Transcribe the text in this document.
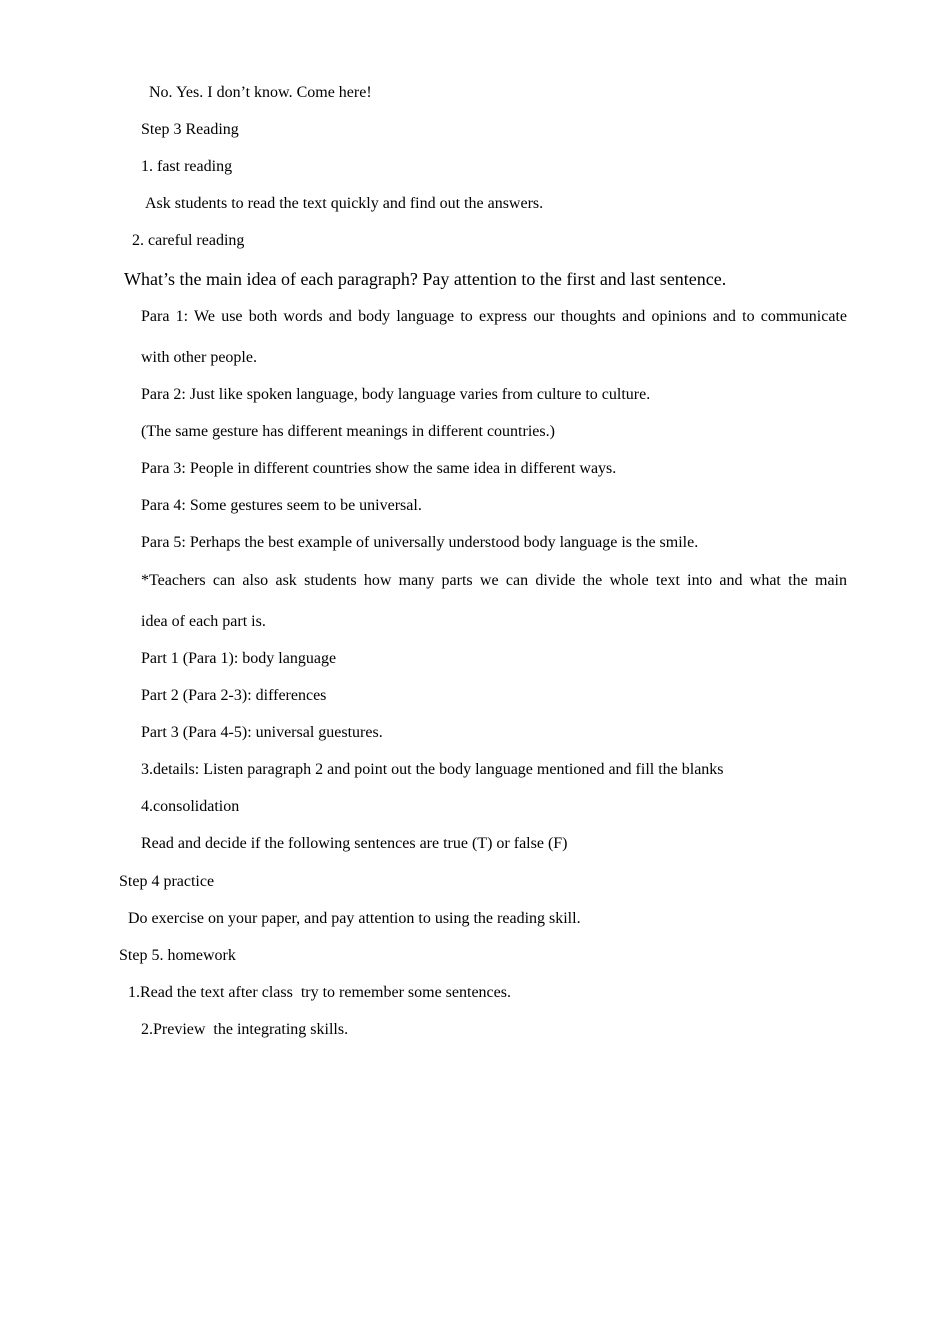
No. Yes. I don’t know. Come here!
Step 3 Reading
1. fast reading
Ask students to read the text quickly and find out the answers.
2. careful reading
What’s the main idea of each paragraph? Pay attention to the first and last sentence.
Para 1: We use both words and body language to express our thoughts and opinions and to communicate
with other people.
Para 2: Just like spoken language, body language varies from culture to culture.
(The same gesture has different meanings in different countries.)
Para 3: People in different countries show the same idea in different ways.
Para 4: Some gestures seem to be universal.
Para 5: Perhaps the best example of universally understood body language is the smile.
*Teachers can also ask students how many parts we can divide the whole text into and what the main
idea of each part is.
Part 1 (Para 1): body language
Part 2 (Para 2-3): differences
Part 3 (Para 4-5): universal guestures.
3.details: Listen paragraph 2 and point out the body language mentioned and fill the blanks
4.consolidation
Read and decide if the following sentences are true (T) or false (F)
Step 4 practice
Do exercise on your paper, and pay attention to using the reading skill.
Step 5. homework
1.Read the text after class  try to remember some sentences.
2.Preview  the integrating skills.
